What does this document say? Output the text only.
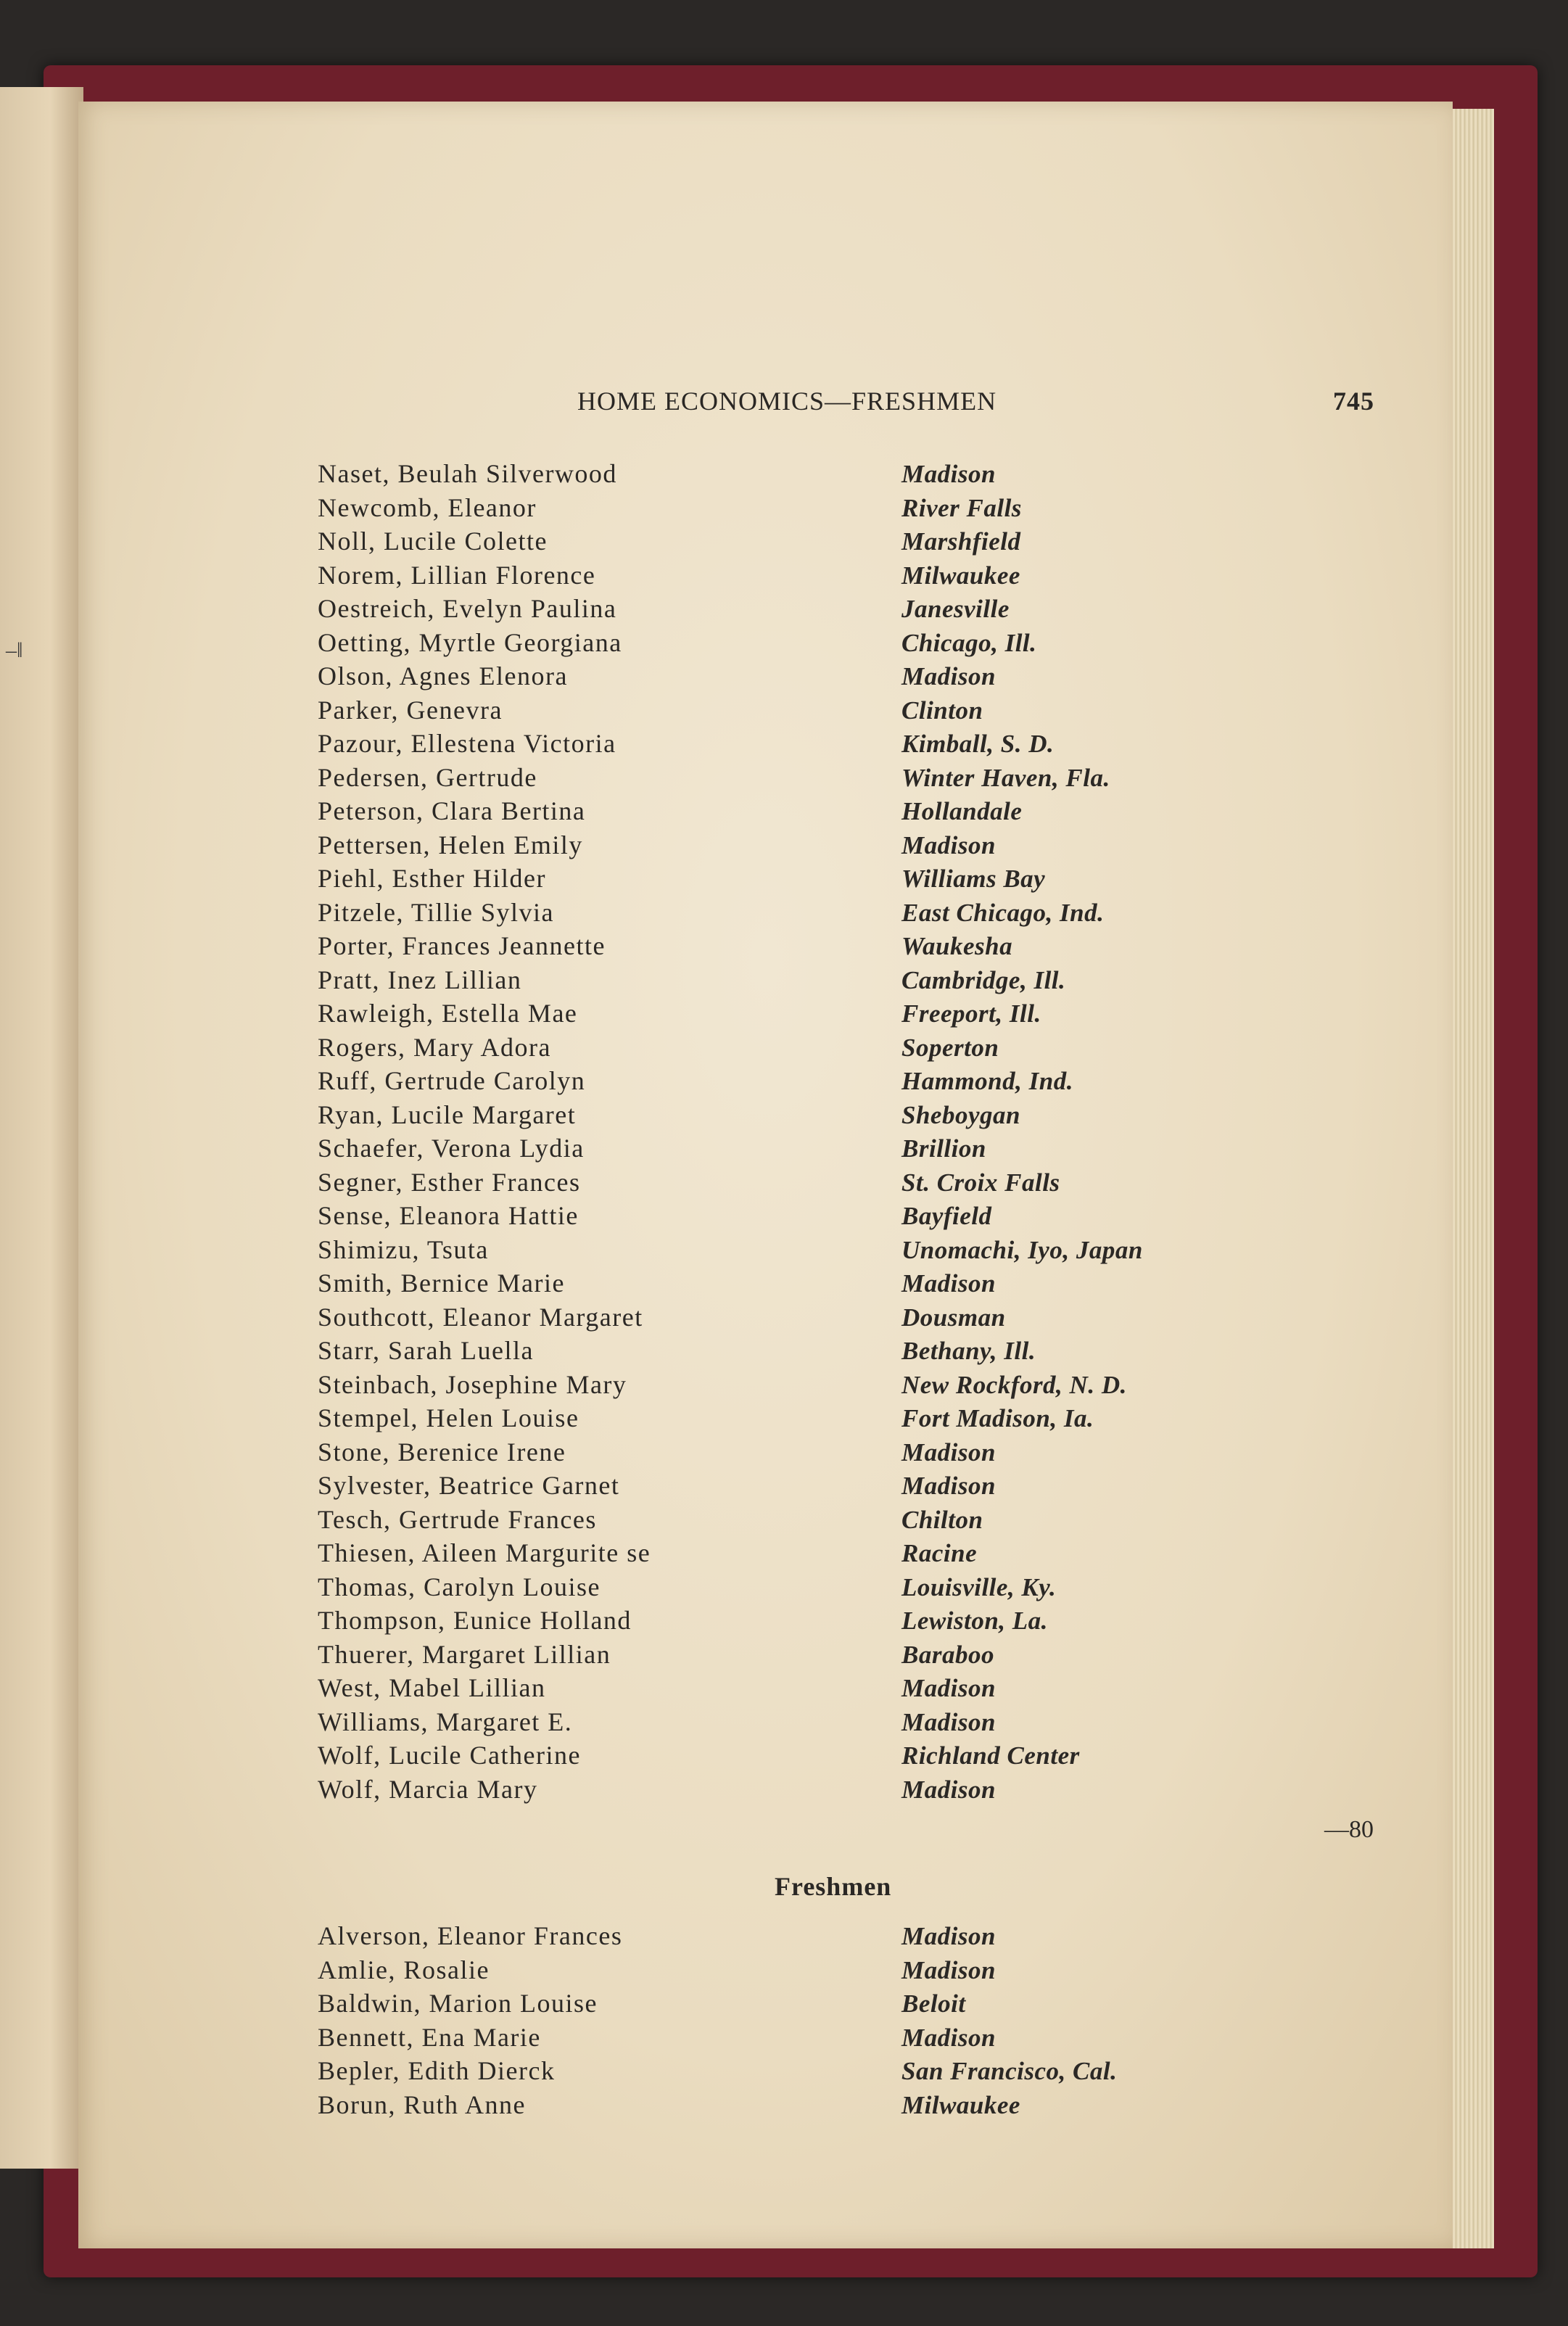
–‖
HOME ECONOMICS—FRESHMEN	745
Naset, Beulah Silverwood	Madison
Newcomb, Eleanor	River Falls
Noll, Lucile Colette	Marshfield
Norem, Lillian Florence	Milwaukee
Oestreich, Evelyn Paulina	Janesville
Oetting, Myrtle Georgiana	Chicago, Ill.
Olson, Agnes Elenora	Madison
Parker, Genevra	Clinton
Pazour, Ellestena Victoria	Kimball, S. D.
Pedersen, Gertrude	Winter Haven, Fla.
Peterson, Clara Bertina	Hollandale
Pettersen, Helen Emily	Madison
Piehl, Esther Hilder	Williams Bay
Pitzele, Tillie Sylvia	East Chicago, Ind.
Porter, Frances Jeannette	Waukesha
Pratt, Inez Lillian	Cambridge, Ill.
Rawleigh, Estella Mae	Freeport, Ill.
Rogers, Mary Adora	Soperton
Ruff, Gertrude Carolyn	Hammond, Ind.
Ryan, Lucile Margaret	Sheboygan
Schaefer, Verona Lydia	Brillion
Segner, Esther Frances	St. Croix Falls
Sense, Eleanora Hattie	Bayfield
Shimizu, Tsuta	Unomachi, Iyo, Japan
Smith, Bernice Marie	Madison
Southcott, Eleanor Margaret	Dousman
Starr, Sarah Luella	Bethany, Ill.
Steinbach, Josephine Mary	New Rockford, N. D.
Stempel, Helen Louise	Fort Madison, Ia.
Stone, Berenice Irene	Madison
Sylvester, Beatrice Garnet	Madison
Tesch, Gertrude Frances	Chilton
Thiesen, Aileen Margurite se	Racine
Thomas, Carolyn Louise	Louisville, Ky.
Thompson, Eunice Holland	Lewiston, La.
Thuerer, Margaret Lillian	Baraboo
West, Mabel Lillian	Madison
Williams, Margaret E.	Madison
Wolf, Lucile Catherine	Richland Center
Wolf, Marcia Mary	Madison
—80
Freshmen
Alverson, Eleanor Frances	Madison
Amlie, Rosalie	Madison
Baldwin, Marion Louise	Beloit
Bennett, Ena Marie	Madison
Bepler, Edith Dierck	San Francisco, Cal.
Borun, Ruth Anne	Milwaukee
